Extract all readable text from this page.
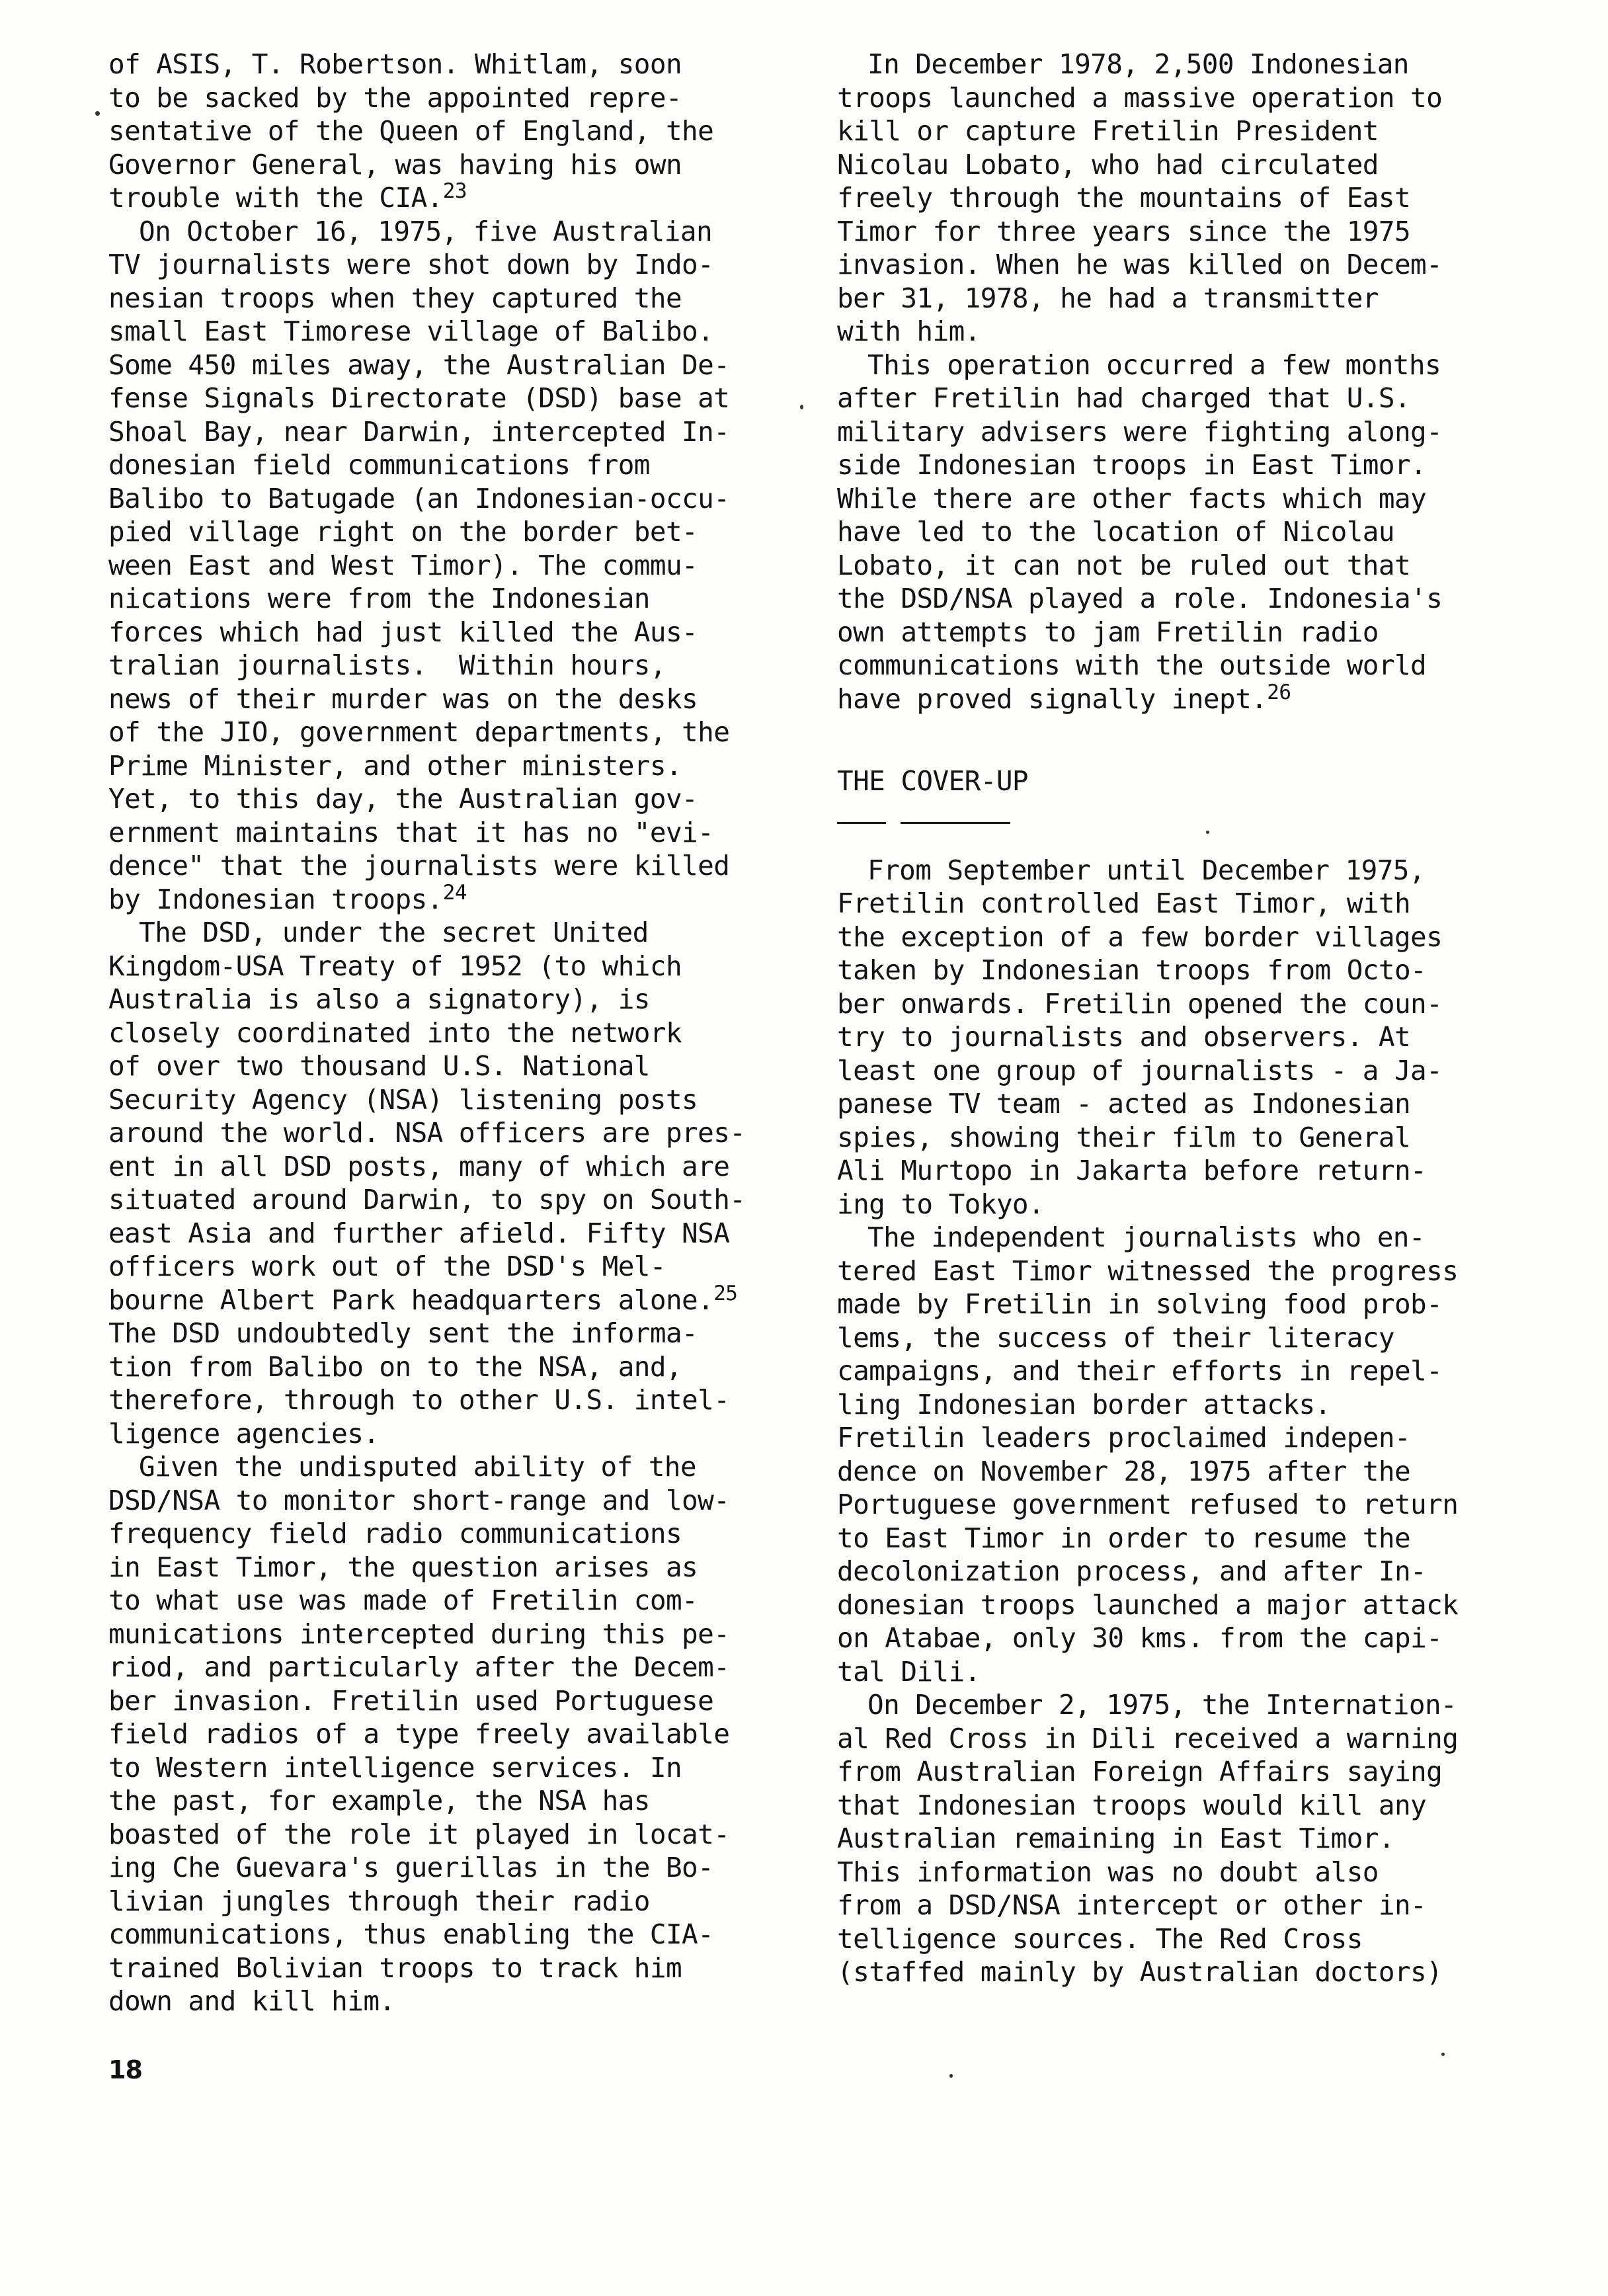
of ASIS, T. Robertson. Whitlam, soon
to be sacked by the appointed repre-
sentative of the Queen of England, the
Governor General, was having his own
trouble with the CIA.$^{23}$
On October 16, 1975, five Australian
TV journalists were shot down by Indo-
nesian troops when they captured the
small East Timorese village of Balibo.
Some 450 miles away, the Australian De-
fense Signals Directorate (DSD) base at
Shoal Bay, near Darwin, intercepted In-
donesian field communications from
Balibo to Batugade (an Indonesian-occu-
pied village right on the border bet-
ween East and West Timor). The commu-
nications were from the Indonesian
forces which had just killed the Aus-
tralian journalists.  Within hours,
news of their murder was on the desks
of the JIO, government departments, the
Prime Minister, and other ministers.
Yet, to this day, the Australian gov-
ernment maintains that it has no "evi-
dence" that the journalists were killed
by Indonesian troops.$^{24}$
The DSD, under the secret United
Kingdom-USA Treaty of 1952 (to which
Australia is also a signatory), is
closely coordinated into the network
of over two thousand U.S. National
Security Agency (NSA) listening posts
around the world. NSA officers are pres-
ent in all DSD posts, many of which are
situated around Darwin, to spy on South-
east Asia and further afield. Fifty NSA
officers work out of the DSD's Mel-
bourne Albert Park headquarters alone.$^{25}$
The DSD undoubtedly sent the informa-
tion from Balibo on to the NSA, and,
therefore, through to other U.S. intel-
ligence agencies.
Given the undisputed ability of the
DSD/NSA to monitor short-range and low-
frequency field radio communications
in East Timor, the question arises as
to what use was made of Fretilin com-
munications intercepted during this pe-
riod, and particularly after the Decem-
ber invasion. Fretilin used Portuguese
field radios of a type freely available
to Western intelligence services. In
the past, for example, the NSA has
boasted of the role it played in locat-
ing Che Guevara's guerillas in the Bo-
livian jungles through their radio
communications, thus enabling the CIA-
trained Bolivian troops to track him
down and kill him.
In December 1978, 2,500 Indonesian
troops launched a massive operation to
kill or capture Fretilin President
Nicolau Lobato, who had circulated
freely through the mountains of East
Timor for three years since the 1975
invasion. When he was killed on Decem-
ber 31, 1978, he had a transmitter
with him.
This operation occurred a few months
after Fretilin had charged that U.S.
military advisers were fighting along-
side Indonesian troops in East Timor.
While there are other facts which may
have led to the location of Nicolau
Lobato, it can not be ruled out that
the DSD/NSA played a role. Indonesia's
own attempts to jam Fretilin radio
communications with the outside world
have proved signally inept.$^{26}$
THE COVER-UP
From September until December 1975,
Fretilin controlled East Timor, with
the exception of a few border villages
taken by Indonesian troops from Octo-
ber onwards. Fretilin opened the coun-
try to journalists and observers. At
least one group of journalists - a Ja-
panese TV team - acted as Indonesian
spies, showing their film to General
Ali Murtopo in Jakarta before return-
ing to Tokyo.
The independent journalists who en-
tered East Timor witnessed the progress
made by Fretilin in solving food prob-
lems, the success of their literacy
campaigns, and their efforts in repel-
ling Indonesian border attacks.
Fretilin leaders proclaimed indepen-
dence on November 28, 1975 after the
Portuguese government refused to return
to East Timor in order to resume the
decolonization process, and after In-
donesian troops launched a major attack
on Atabae, only 30 kms. from the capi-
tal Dili.
On December 2, 1975, the Internation-
al Red Cross in Dili received a warning
from Australian Foreign Affairs saying
that Indonesian troops would kill any
Australian remaining in East Timor.
This information was no doubt also
from a DSD/NSA intercept or other in-
telligence sources. The Red Cross
(staffed mainly by Australian doctors)
18
